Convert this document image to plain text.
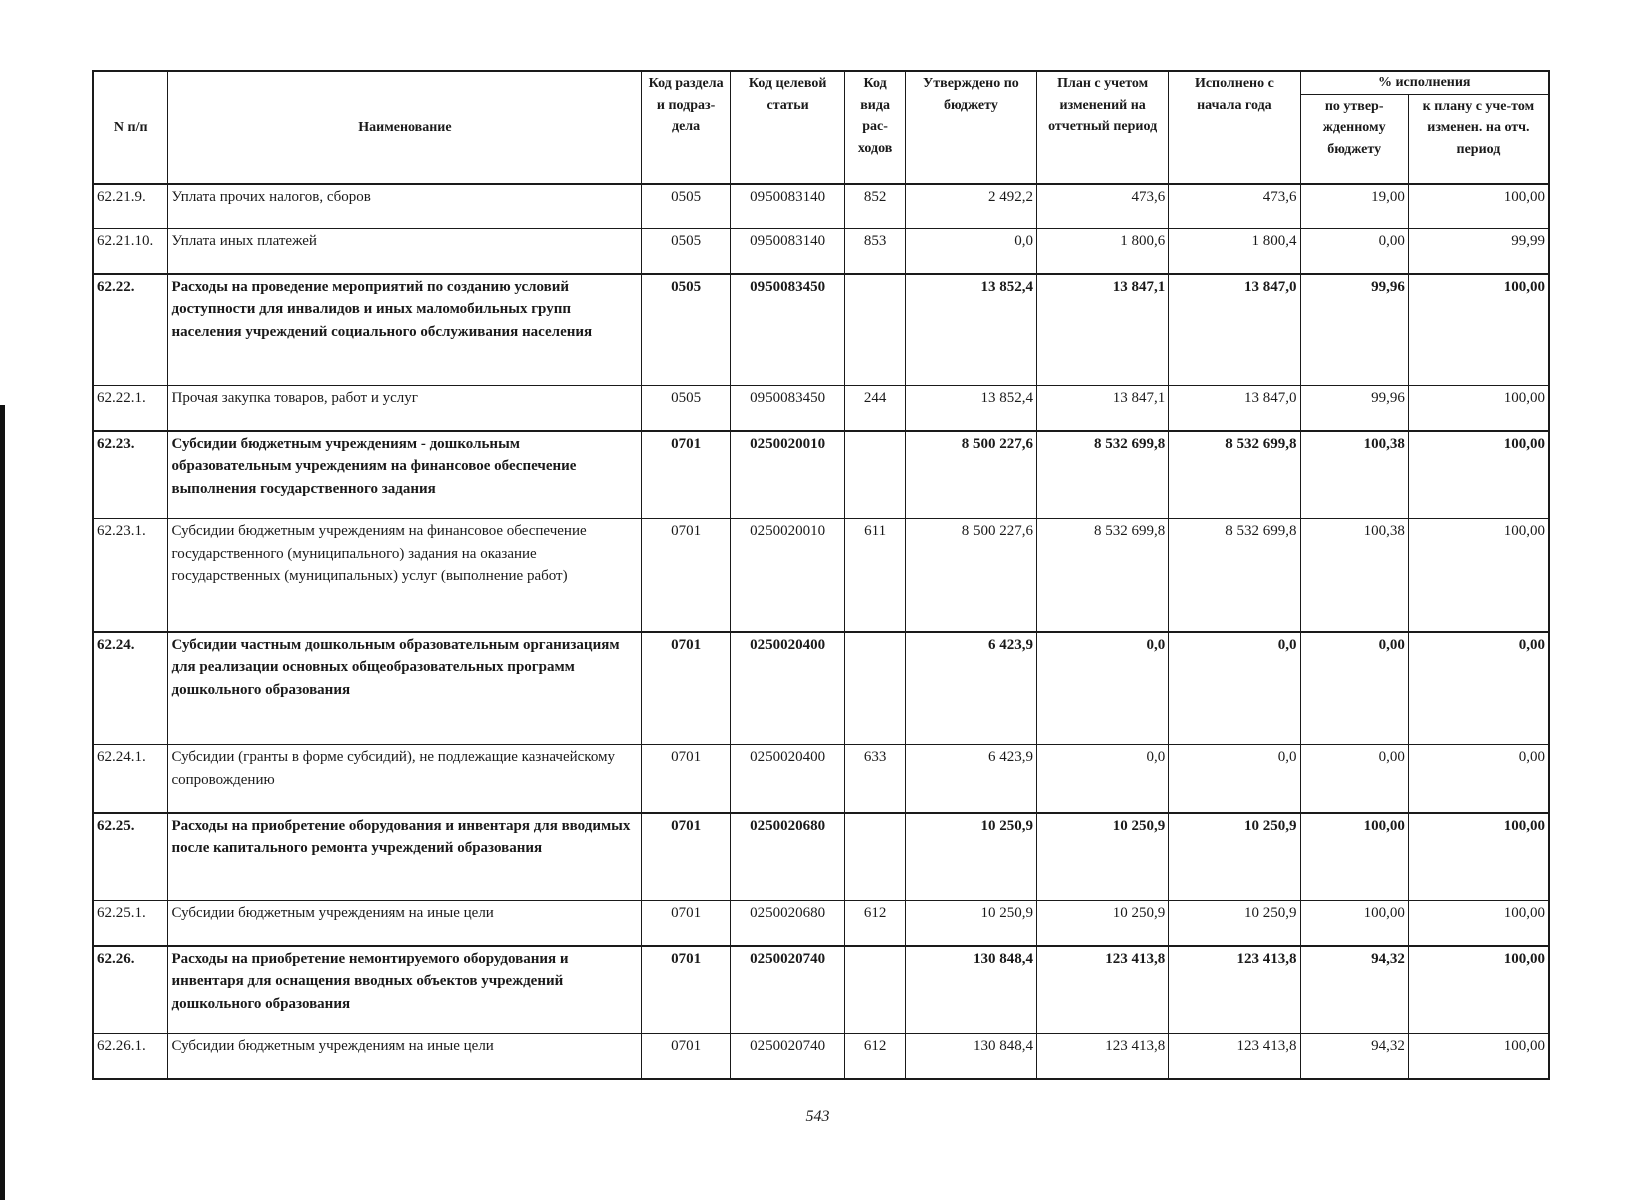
N п/п	Наименование	Код раздела и подраз-дела	Код целевой статьи	Код вида рас-ходов	Утверждено по бюджету	План с учетом изменений на отчетный период	Исполнено с начала года	% исполнения	
								по утвер-жденному бюджету	к плану с уче-том изменен. на отч. период
62.21.9.	Уплата прочих налогов, сборов	0505	0950083140	852	2 492,2	473,6	473,6	19,00	100,00
62.21.10.	Уплата иных платежей	0505	0950083140	853	0,0	1 800,6	1 800,4	0,00	99,99
62.22.	Расходы на проведение мероприятий по созданию условий доступности для инвалидов и иных маломобильных групп населения учреждений социального обслуживания населения	0505	0950083450		13 852,4	13 847,1	13 847,0	99,96	100,00
62.22.1.	Прочая закупка товаров, работ и услуг	0505	0950083450	244	13 852,4	13 847,1	13 847,0	99,96	100,00
62.23.	Субсидии бюджетным учреждениям - дошкольным образовательным учреждениям на финансовое обеспечение выполнения государственного задания	0701	0250020010		8 500 227,6	8 532 699,8	8 532 699,8	100,38	100,00
62.23.1.	Субсидии бюджетным учреждениям на финансовое обеспечение государственного (муниципального) задания на оказание государственных (муниципальных) услуг (выполнение работ)	0701	0250020010	611	8 500 227,6	8 532 699,8	8 532 699,8	100,38	100,00
62.24.	Субсидии частным дошкольным образовательным организациям для реализации основных общеобразовательных программ дошкольного образования	0701	0250020400		6 423,9	0,0	0,0	0,00	0,00
62.24.1.	Субсидии (гранты в форме субсидий), не подлежащие казначейскому сопровождению	0701	0250020400	633	6 423,9	0,0	0,0	0,00	0,00
62.25.	Расходы на приобретение оборудования и инвентаря для вводимых после капитального ремонта учреждений образования	0701	0250020680		10 250,9	10 250,9	10 250,9	100,00	100,00
62.25.1.	Субсидии бюджетным учреждениям на иные цели	0701	0250020680	612	10 250,9	10 250,9	10 250,9	100,00	100,00
62.26.	Расходы на приобретение немонтируемого оборудования и инвентаря для оснащения вводных объектов учреждений дошкольного образования	0701	0250020740		130 848,4	123 413,8	123 413,8	94,32	100,00
62.26.1.	Субсидии бюджетным учреждениям на иные цели	0701	0250020740	612	130 848,4	123 413,8	123 413,8	94,32	100,00
543
